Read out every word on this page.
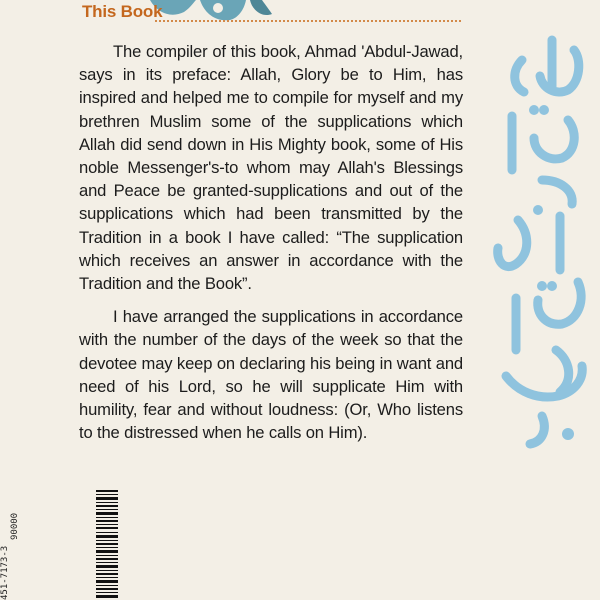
This Book

The compiler of this book, Ahmad 'Abdul-Jawad, says in its preface: Allah, Glory be to Him, has inspired and helped me to compile for myself and my brethren Muslim some of the supplications which Allah did send down in His Mighty book, some of His noble Messenger's-to whom may Allah's Blessings and Peace be granted-supplications and out of the supplications which had been transmitted by the Tradition in a book I have called: “The supplication which receives an answer in accordance with the Tradition and the Book”.

I have arranged the supplications in accordance with the number of the days of the week so that the devotee may keep on declaring his being in want and need of his Lord, so he will supplicate Him with humility, fear and without loudness: (Or, Who listens to the distressed when he calls on Him).

90000
451-7173-3
